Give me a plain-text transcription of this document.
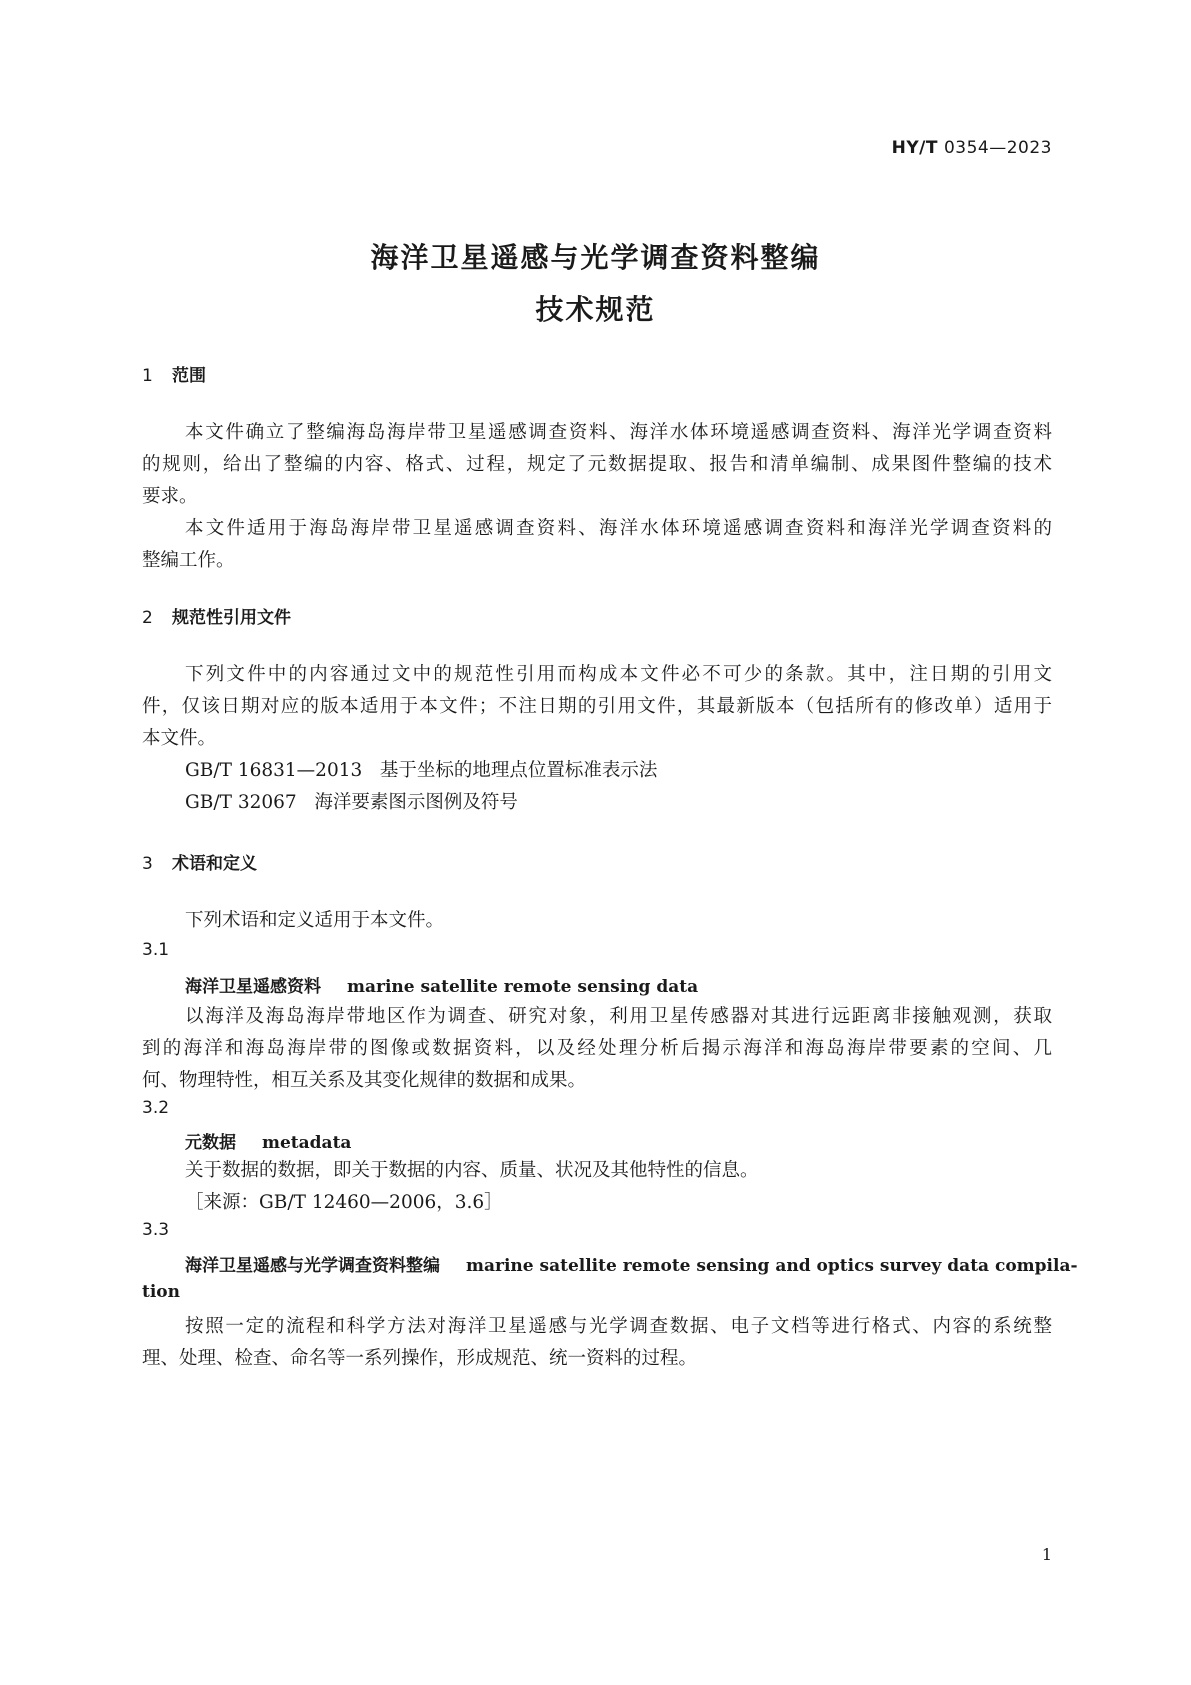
HY/T 0354—2023
海洋卫星遥感与光学调查资料整编
技术规范
1 范围
本文件确立了整编海岛海岸带卫星遥感调查资料、海洋水体环境遥感调查资料、海洋光学调查资料
的规则，给出了整编的内容、格式、过程，规定了元数据提取、报告和清单编制、成果图件整编的技术
要求。
本文件适用于海岛海岸带卫星遥感调查资料、海洋水体环境遥感调查资料和海洋光学调查资料的
整编工作。
2 规范性引用文件
下列文件中的内容通过文中的规范性引用而构成本文件必不可少的条款。其中，注日期的引用文
件，仅该日期对应的版本适用于本文件；不注日期的引用文件，其最新版本（包括所有的修改单）适用于
本文件。
GB/T 16831—2013 基于坐标的地理点位置标准表示法
GB/T 32067 海洋要素图示图例及符号
3 术语和定义
下列术语和定义适用于本文件。
3.1
海洋卫星遥感资料 marine satellite remote sensing data
以海洋及海岛海岸带地区作为调查、研究对象，利用卫星传感器对其进行远距离非接触观测，获取
到的海洋和海岛海岸带的图像或数据资料，以及经处理分析后揭示海洋和海岛海岸带要素的空间、几
何、物理特性，相互关系及其变化规律的数据和成果。
3.2
元数据 metadata
关于数据的数据，即关于数据的内容、质量、状况及其他特性的信息。
［来源：GB/T 12460—2006，3.6］
3.3
海洋卫星遥感与光学调查资料整编 marine satellite remote sensing and optics survey data compila-
tion
按照一定的流程和科学方法对海洋卫星遥感与光学调查数据、电子文档等进行格式、内容的系统整
理、处理、检查、命名等一系列操作，形成规范、统一资料的过程。
1
